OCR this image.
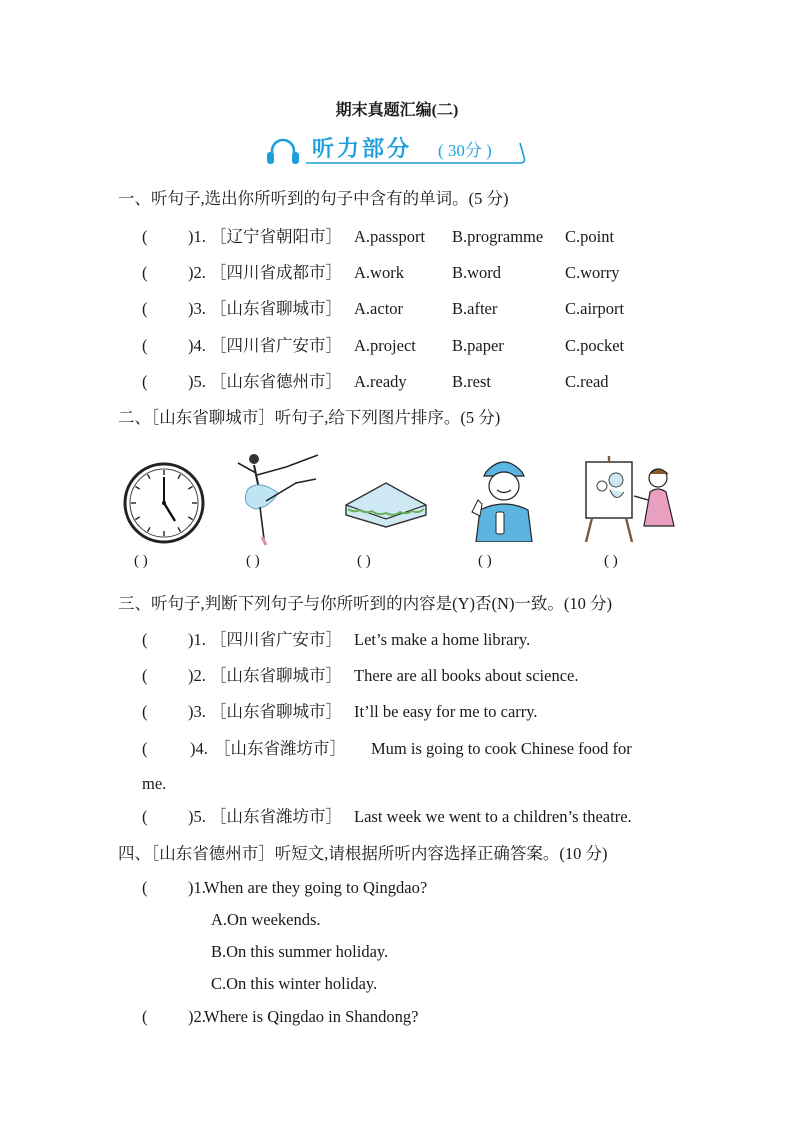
期末真题汇编(二)
听力部分 ( 30分 )
一、听句子,选出你所听到的句子中含有的单词。(5 分)
( )1. ［辽宁省朝阳市］ A.passport B.programme C.point
( )2. ［四川省成都市］ A.work	B.word	C.worry
( )3. ［山东省聊城市］ A.actor	B.after	C.airport
( )4. ［四川省广安市］ A.project B.paper	C.pocket
( )5. ［山东省德州市］ A.ready	B.rest	C.read
二、［山东省聊城市］听句子,给下列图片排序。(5 分)
( )	( )	( )	( )	( )
三、听句子,判断下列句子与你所听到的内容是(Y)否(N)一致。(10 分)
( )1. ［四川省广安市］ Let’s make a home library.
( )2. ［山东省聊城市］ There are all books about science.
( )3. ［山东省聊城市］ It’ll be easy for me to carry.
(	)4. ［山东省潍坊市］ Mum is going to cook Chinese food for
me.
( )5. ［山东省潍坊市］ Last week we went to a children’s theatre.
四、［山东省德州市］听短文,请根据所听内容选择正确答案。(10 分)
( )1.
When are they going to Qingdao?
A.On weekends.
B.On this summer holiday.
C.On this winter holiday.
( )2.
Where is Qingdao in Shandong?
